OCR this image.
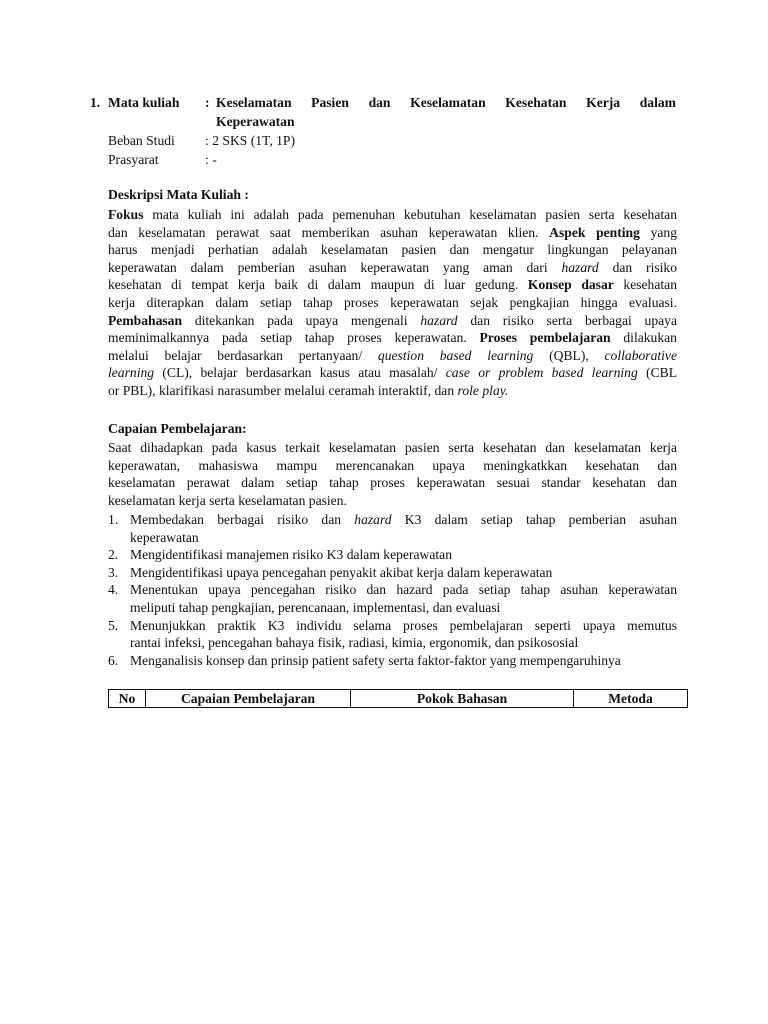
1. Mata kuliah : Keselamatan Pasien dan Keselamatan Kesehatan Kerja dalam
Keperawatan
Beban Studi : 2 SKS (1T, 1P)
Prasyarat	: -
Deskripsi Mata Kuliah :
Fokus mata kuliah ini adalah pada pemenuhan kebutuhan keselamatan pasien serta kesehatan
dan keselamatan perawat saat memberikan asuhan keperawatan klien. Aspek penting yang
harus menjadi perhatian adalah keselamatan pasien dan mengatur lingkungan pelayanan
keperawatan dalam pemberian asuhan keperawatan yang aman dari hazard dan risiko
kesehatan di tempat kerja baik di dalam maupun di luar gedung. Konsep dasar kesehatan
kerja diterapkan dalam setiap tahap proses keperawatan sejak pengkajian hingga evaluasi.
Pembahasan ditekankan pada upaya mengenali hazard dan risiko serta berbagai upaya
meminimalkannya pada setiap tahap proses keperawatan. Proses pembelajaran dilakukan
melalui belajar berdasarkan pertanyaan/ question based learning (QBL), collaborative
learning (CL), belajar berdasarkan kasus atau masalah/ case or problem based learning (CBL
or PBL), klarifikasi narasumber melalui ceramah interaktif, dan role play.
Capaian Pembelajaran:
Saat dihadapkan pada kasus terkait keselamatan pasien serta kesehatan dan keselamatan kerja
keperawatan, mahasiswa mampu merencanakan upaya meningkatkkan kesehatan dan
keselamatan perawat dalam setiap tahap proses keperawatan sesuai standar kesehatan dan
keselamatan kerja serta keselamatan pasien.
1. Membedakan berbagai risiko dan hazard K3 dalam setiap tahap pemberian asuhan
keperawatan
2. Mengidentifikasi manajemen risiko K3 dalam keperawatan
3. Mengidentifikasi upaya pencegahan penyakit akibat kerja dalam keperawatan
4. Menentukan upaya pencegahan risiko dan hazard pada setiap tahap asuhan keperawatan
meliputi tahap pengkajian, perencanaan, implementasi, dan evaluasi
5. Menunjukkan praktik K3 individu selama proses pembelajaran seperti upaya memutus
rantai infeksi, pencegahan bahaya fisik, radiasi, kimia, ergonomik, dan psikososial
6. Menganalisis konsep dan prinsip patient safety serta faktor-faktor yang mempengaruhinya
No	Capaian Pembelajaran	Pokok Bahasan	Metoda
